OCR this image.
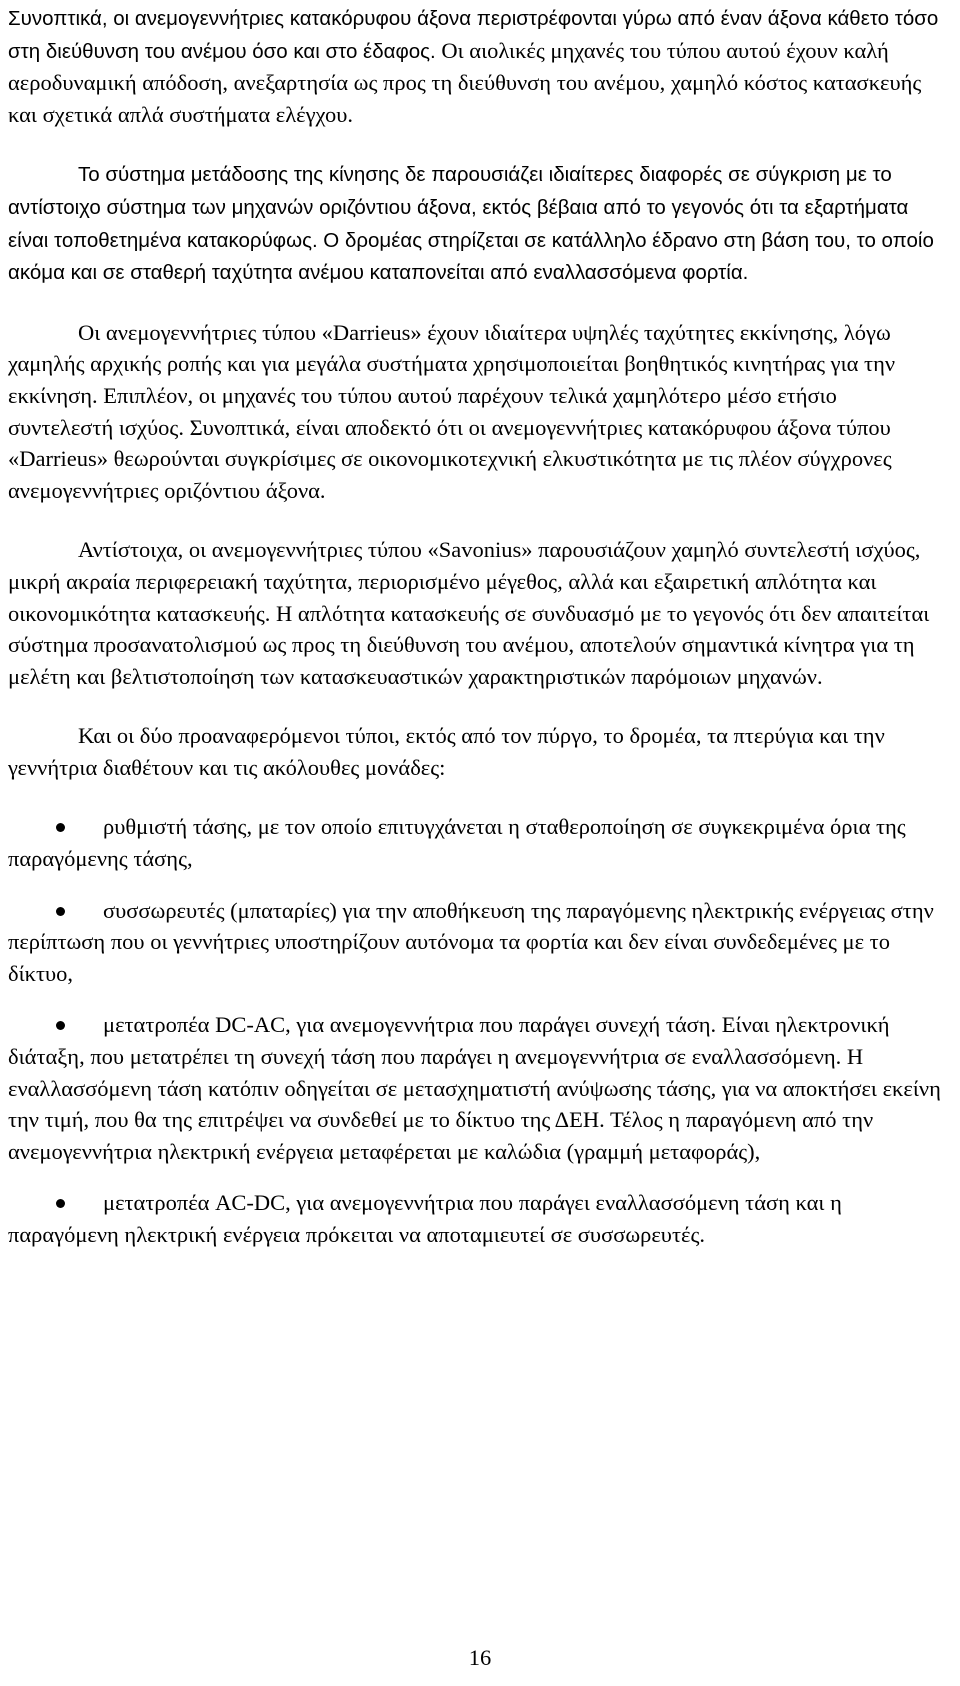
Συνοπτικά, οι ανεμογεννήτριες κατακόρυφου άξονα περιστρέφονται γύρω από έναν άξονα κάθετο τόσο στη διεύθυνση του ανέμου όσο και στο έδαφος. Οι αιολικές μηχανές του τύπου αυτού έχουν καλή αεροδυναμική απόδοση, ανεξαρτησία ως προς τη διεύθυνση του ανέμου, χαμηλό κόστος κατασκευής και σχετικά απλά συστήματα ελέγχου.

Το σύστημα μετάδοσης της κίνησης δε παρουσιάζει ιδιαίτερες διαφορές σε σύγκριση με το αντίστοιχο σύστημα των μηχανών οριζόντιου άξονα, εκτός βέβαια από το γεγονός ότι τα εξαρτήματα είναι τοποθετημένα κατακορύφως. Ο δρομέας στηρίζεται σε κατάλληλο έδρανο στη βάση του, το οποίο ακόμα και σε σταθερή ταχύτητα ανέμου καταπονείται από εναλλασσόμενα φορτία.

Οι ανεμογεννήτριες τύπου «Darrieus» έχουν ιδιαίτερα υψηλές ταχύτητες εκκίνησης, λόγω χαμηλής αρχικής ροπής και για μεγάλα συστήματα χρησιμοποιείται βοηθητικός κινητήρας για την εκκίνηση. Επιπλέον, οι μηχανές του τύπου αυτού παρέχουν τελικά χαμηλότερο μέσο ετήσιο συντελεστή ισχύος. Συνοπτικά, είναι αποδεκτό ότι οι ανεμογεννήτριες κατακόρυφου άξονα τύπου «Darrieus» θεωρούνται συγκρίσιμες σε οικονομικοτεχνική ελκυστικότητα με τις πλέον σύγχρονες ανεμογεννήτριες οριζόντιου άξονα.

Αντίστοιχα, οι ανεμογεννήτριες τύπου «Savonius» παρουσιάζουν χαμηλό συντελεστή ισχύος, μικρή ακραία περιφερειακή ταχύτητα, περιορισμένο μέγεθος, αλλά και εξαιρετική απλότητα και οικονομικότητα κατασκευής. Η απλότητα κατασκευής σε συνδυασμό με το γεγονός ότι δεν απαιτείται σύστημα προσανατολισμού ως προς τη διεύθυνση του ανέμου, αποτελούν σημαντικά κίνητρα για τη μελέτη και βελτιστοποίηση των κατασκευαστικών χαρακτηριστικών παρόμοιων μηχανών.

Και οι δύο προαναφερόμενοι τύποι, εκτός από τον πύργο, το δρομέα, τα πτερύγια και την γεννήτρια διαθέτουν και τις ακόλουθες μονάδες:

ρυθμιστή τάσης, με τον οποίο επιτυγχάνεται η σταθεροποίηση σε συγκεκριμένα όρια της παραγόμενης τάσης,
συσσωρευτές (μπαταρίες) για την αποθήκευση της παραγόμενης ηλεκτρικής ενέργειας στην περίπτωση που οι γεννήτριες υποστηρίζουν αυτόνομα τα φορτία και δεν είναι συνδεδεμένες με το δίκτυο,
μετατροπέα DC-AC, για ανεμογεννήτρια που παράγει συνεχή τάση. Είναι ηλεκτρονική διάταξη, που μετατρέπει τη συνεχή τάση που παράγει η ανεμογεννήτρια σε εναλλασσόμενη. Η εναλλασσόμενη τάση κατόπιν οδηγείται σε μετασχηματιστή ανύψωσης τάσης, για να αποκτήσει εκείνη την τιμή, που θα της επιτρέψει να συνδεθεί με το δίκτυο της ΔΕΗ. Τέλος η παραγόμενη από την ανεμογεννήτρια ηλεκτρική ενέργεια μεταφέρεται με καλώδια (γραμμή μεταφοράς),
μετατροπέα AC-DC, για ανεμογεννήτρια που παράγει εναλλασσόμενη τάση και η παραγόμενη ηλεκτρική ενέργεια πρόκειται να αποταμιευτεί σε συσσωρευτές.
16
